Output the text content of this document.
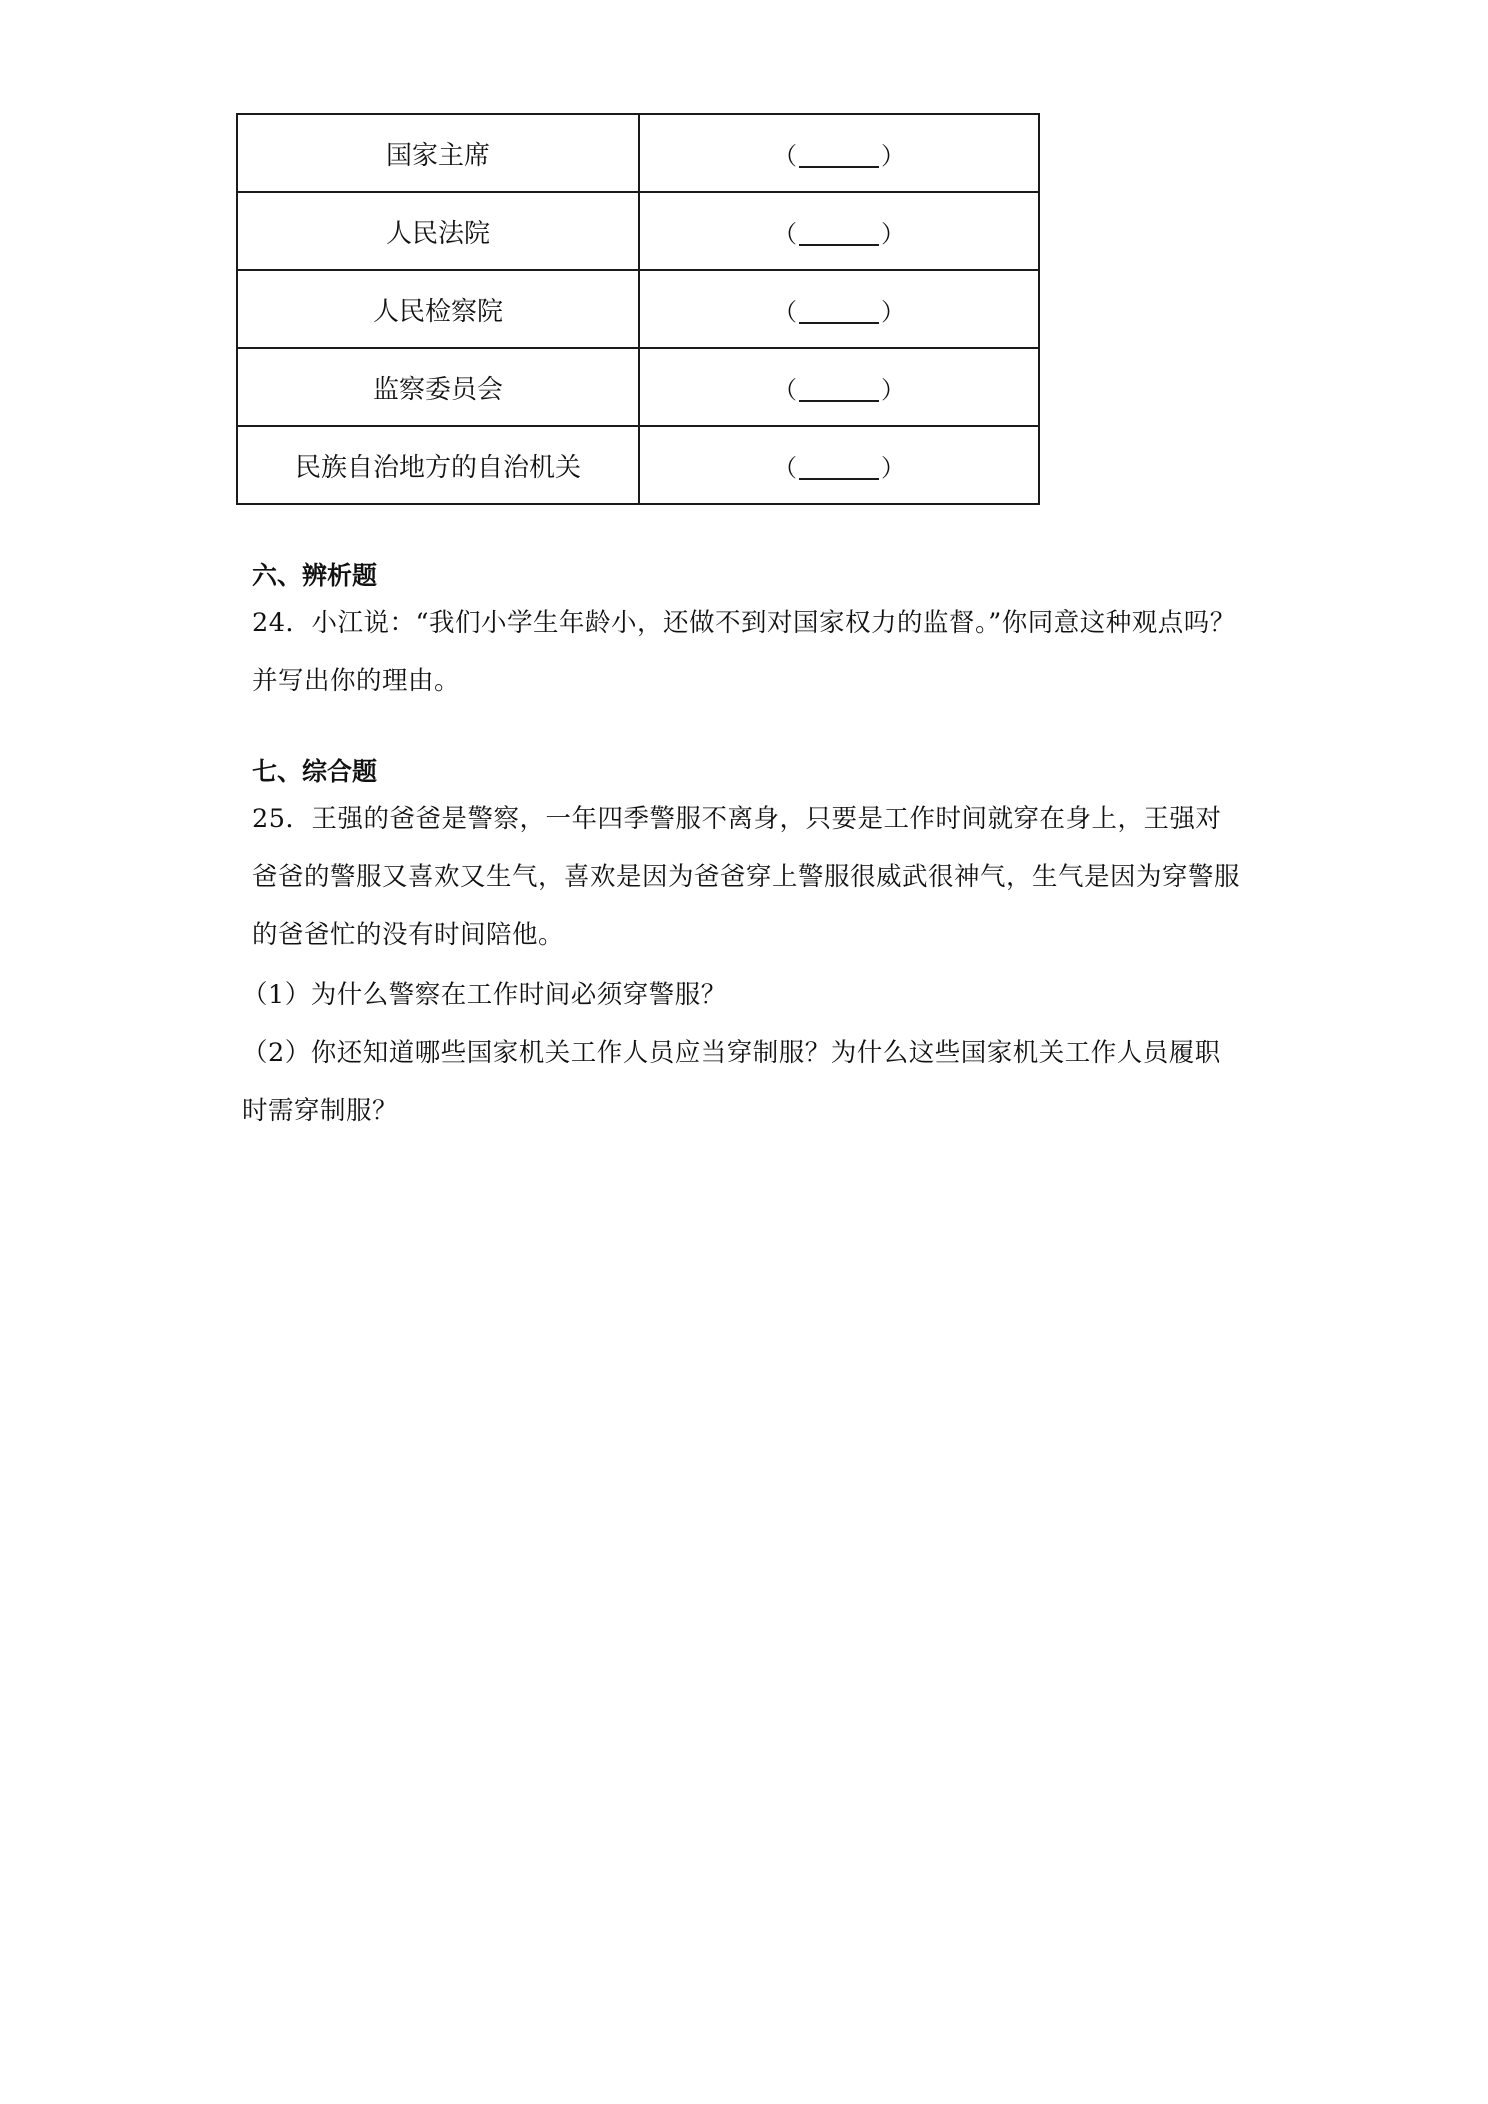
国家主席	（ ）
人民法院	（ ）
人民检察院	（ ）
监察委员会	（ ）
民族自治地方的自治机关	（ ）
六、辨析题
24．小江说：“我们小学生年龄小，还做不到对国家权力的监督。”你同意这种观点吗？并写出你的理由。
七、综合题
25．王强的爸爸是警察，一年四季警服不离身，只要是工作时间就穿在身上，王强对爸爸的警服又喜欢又生气，喜欢是因为爸爸穿上警服很威武很神气，生气是因为穿警服的爸爸忙的没有时间陪他。
（1）为什么警察在工作时间必须穿警服？
（2）你还知道哪些国家机关工作人员应当穿制服？为什么这些国家机关工作人员履职时需穿制服？
